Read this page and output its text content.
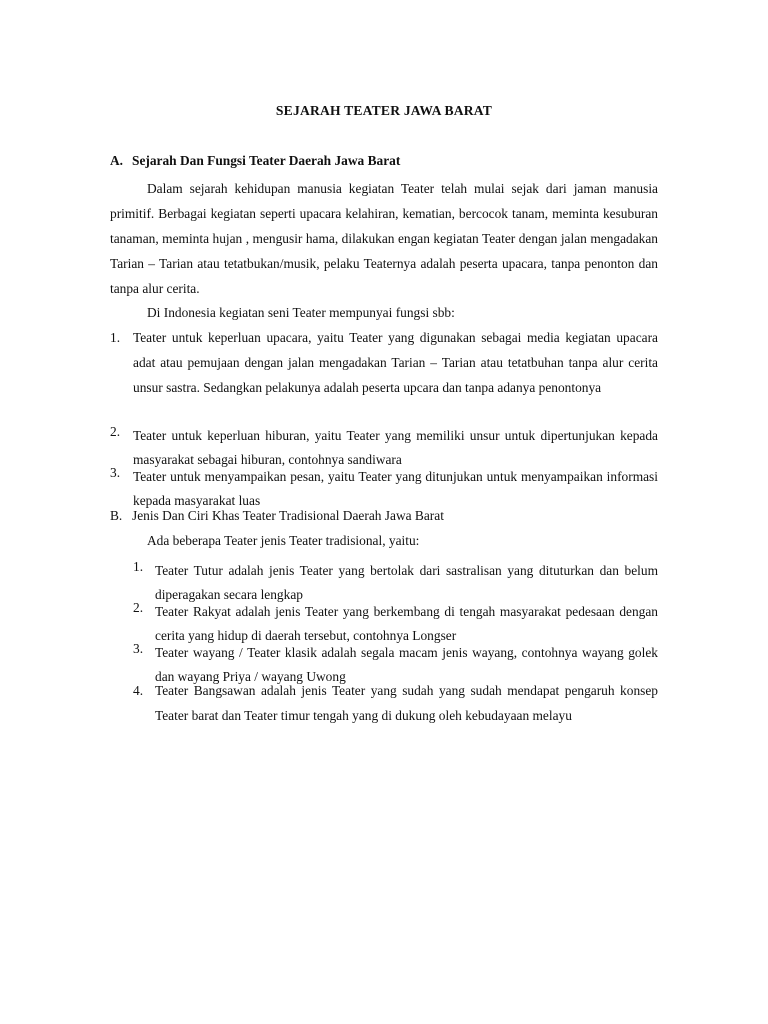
SEJARAH TEATER JAWA BARAT
A. Sejarah Dan Fungsi Teater Daerah Jawa Barat
Dalam sejarah kehidupan manusia kegiatan Teater telah mulai sejak dari jaman manusia primitif. Berbagai kegiatan seperti upacara kelahiran, kematian, bercocok tanam, meminta kesuburan tanaman, meminta hujan , mengusir hama, dilakukan engan kegiatan Teater dengan jalan mengadakan Tarian – Tarian atau tetatbukan/musik, pelaku Teaternya adalah peserta upacara, tanpa penonton dan tanpa alur cerita.
Di Indonesia kegiatan seni Teater mempunyai fungsi sbb:
1. Teater untuk keperluan upacara, yaitu Teater yang digunakan sebagai media kegiatan upacara adat atau pemujaan dengan jalan mengadakan Tarian – Tarian atau tetatbuhan tanpa alur cerita unsur sastra. Sedangkan pelakunya adalah peserta upcara dan tanpa adanya penontonya
2. Teater untuk keperluan hiburan, yaitu Teater yang memiliki unsur untuk dipertunjukan kepada masyarakat sebagai hiburan, contohnya sandiwara
3. Teater untuk menyampaikan pesan, yaitu Teater yang ditunjukan untuk menyampaikan informasi kepada masyarakat luas
B. Jenis Dan Ciri Khas Teater Tradisional Daerah Jawa Barat
Ada beberapa Teater jenis Teater tradisional, yaitu:
1. Teater Tutur adalah jenis Teater yang bertolak dari sastralisan yang dituturkan dan belum diperagakan secara lengkap
2. Teater Rakyat adalah jenis Teater yang berkembang di tengah masyarakat pedesaan dengan cerita yang hidup di daerah tersebut, contohnya Longser
3. Teater wayang / Teater klasik adalah segala macam jenis wayang, contohnya wayang golek dan wayang Priya / wayang Uwong
4. Teater Bangsawan adalah jenis Teater yang sudah yang sudah mendapat pengaruh konsep Teater barat dan Teater timur tengah yang di dukung oleh kebudayaan melayu
